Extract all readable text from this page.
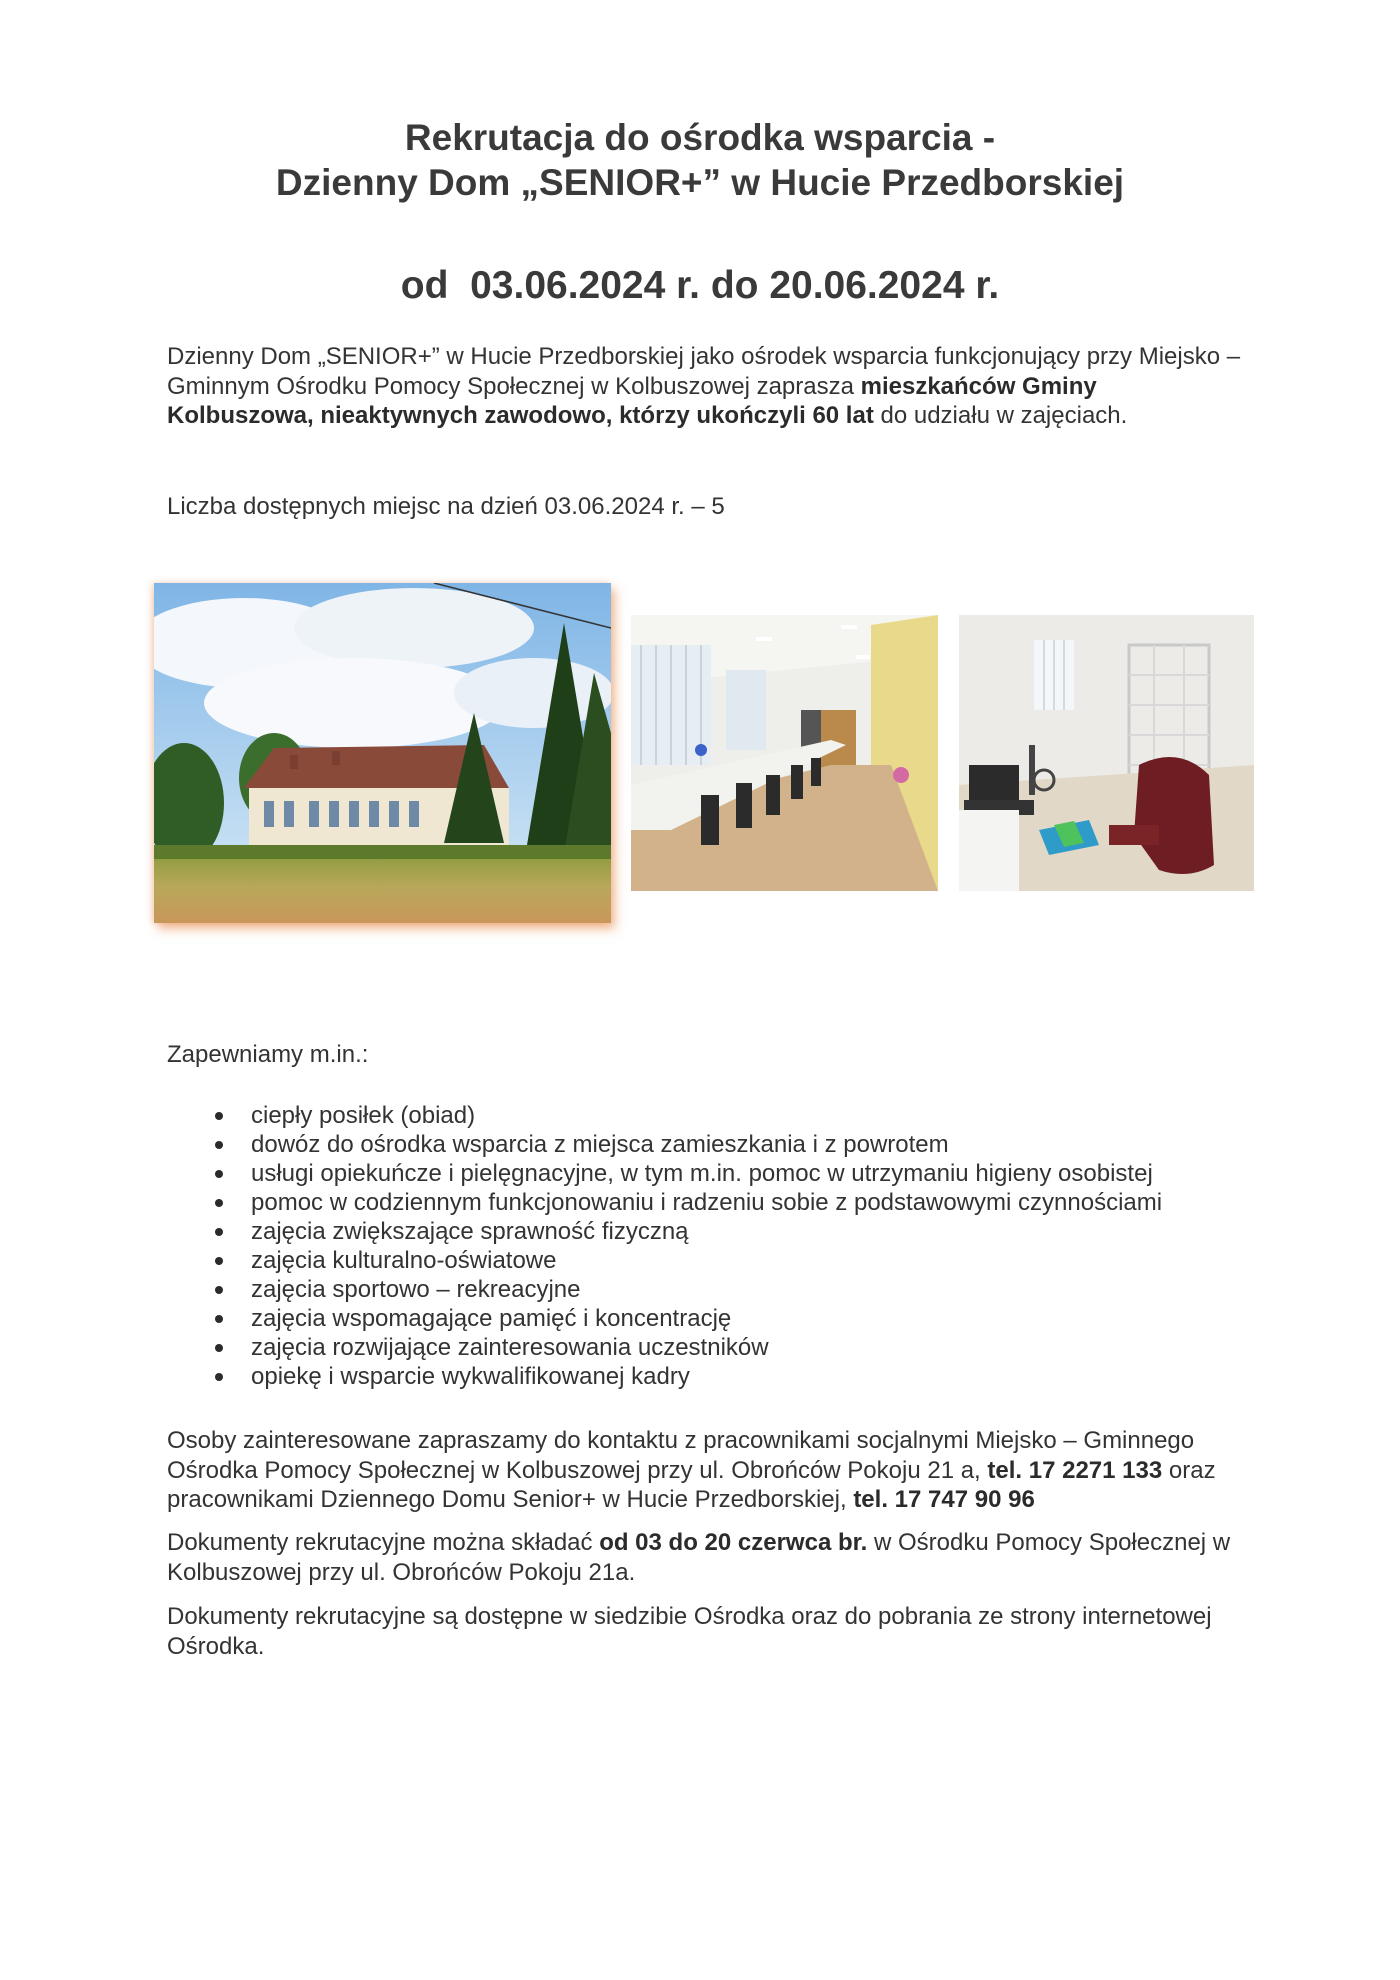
Rekrutacja do ośrodka wsparcia -
Dzienny Dom „SENIOR+” w Hucie Przedborskiej

od  03.06.2024 r. do 20.06.2024 r.

Dzienny Dom „SENIOR+” w Hucie Przedborskiej jako ośrodek wsparcia funkcjonujący przy Miejsko – Gminnym Ośrodku Pomocy Społecznej w Kolbuszowej zaprasza mieszkańców Gminy Kolbuszowa, nieaktywnych zawodowo, którzy ukończyli 60 lat do udziału w zajęciach.

Liczba dostępnych miejsc na dzień 03.06.2024 r. – 5

Zapewniamy m.in.:

ciepły posiłek (obiad)
dowóz do ośrodka wsparcia z miejsca zamieszkania i z powrotem
usługi opiekuńcze i pielęgnacyjne, w tym m.in. pomoc w utrzymaniu higieny osobistej
pomoc w codziennym funkcjonowaniu i radzeniu sobie z podstawowymi czynnościami
zajęcia zwiększające sprawność fizyczną
zajęcia kulturalno-oświatowe
zajęcia sportowo – rekreacyjne
zajęcia wspomagające pamięć i koncentrację
zajęcia rozwijające zainteresowania uczestników
opiekę i wsparcie wykwalifikowanej kadry

Osoby zainteresowane zapraszamy do kontaktu z pracownikami socjalnymi Miejsko – Gminnego Ośrodka Pomocy Społecznej w Kolbuszowej przy ul. Obrońców Pokoju 21 a, tel. 17 2271 133 oraz pracownikami Dziennego Domu Senior+ w Hucie Przedborskiej, tel. 17 747 90 96

Dokumenty rekrutacyjne można składać od 03 do 20 czerwca br. w Ośrodku Pomocy Społecznej w Kolbuszowej przy ul. Obrońców Pokoju 21a.

Dokumenty rekrutacyjne są dostępne w siedzibie Ośrodka oraz do pobrania ze strony internetowej Ośrodka.
